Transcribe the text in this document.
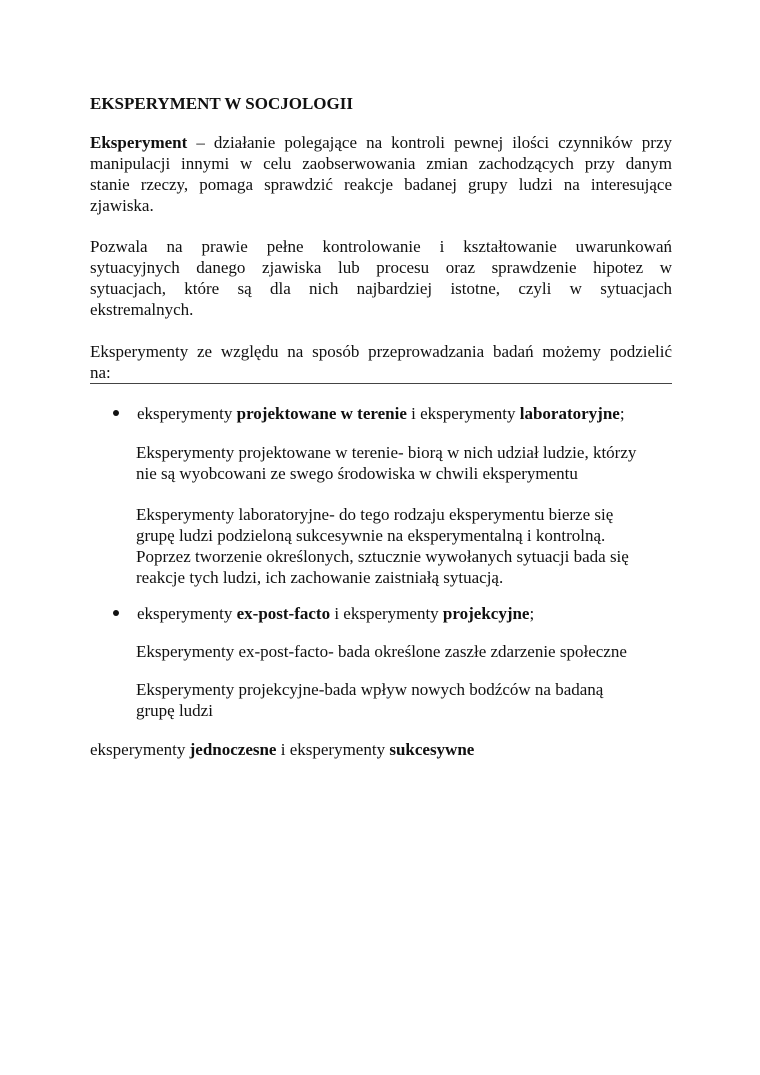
EKSPERYMENT W SOCJOLOGII
Eksperyment – działanie polegające na kontroli pewnej ilości czynników przy
manipulacji innymi w celu zaobserwowania zmian zachodzących przy danym
stanie rzeczy, pomaga sprawdzić reakcje badanej grupy ludzi na interesujące
zjawiska.
Pozwala na prawie pełne kontrolowanie i kształtowanie uwarunkowań
sytuacyjnych danego zjawiska lub procesu oraz sprawdzenie hipotez w
sytuacjach, które są dla nich najbardziej istotne, czyli w sytuacjach
ekstremalnych.
Eksperymenty ze względu na sposób przeprowadzania badań możemy podzielić
na:
eksperymenty projektowane w terenie i eksperymenty laboratoryjne;
Eksperymenty projektowane w terenie- biorą w nich udział ludzie, którzy
nie są wyobcowani ze swego środowiska w chwili eksperymentu
Eksperymenty laboratoryjne- do tego rodzaju eksperymentu bierze się
grupę ludzi podzieloną sukcesywnie na eksperymentalną i kontrolną.
Poprzez tworzenie określonych, sztucznie wywołanych sytuacji bada się
reakcje tych ludzi, ich zachowanie zaistniałą sytuacją.
eksperymenty ex-post-facto i eksperymenty projekcyjne;
Eksperymenty ex-post-facto- bada określone zaszłe zdarzenie społeczne
Eksperymenty projekcyjne-bada wpływ nowych bodźców na badaną
grupę ludzi
eksperymenty jednoczesne i eksperymenty sukcesywne
